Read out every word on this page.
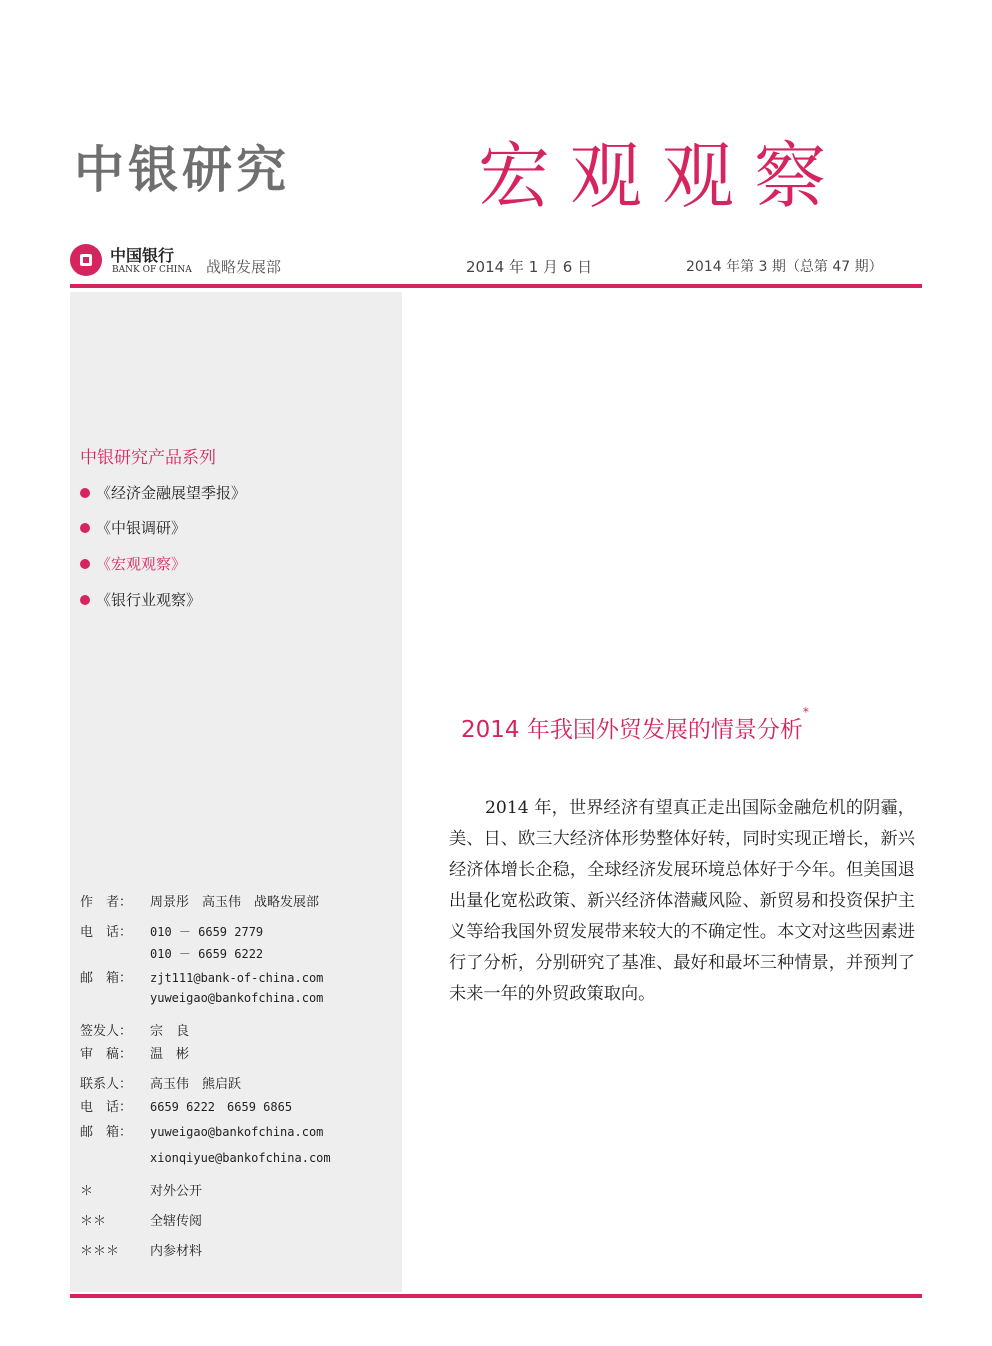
中银研究	宏观观察
中国银行
BANK OF CHINA 战略发展部	2014 年 1 月 6 日	2014 年第 3 期（总第 47 期）
中银研究产品系列
《经济金融展望季报》
《中银调研》
《宏观观察》
《银行业观察》
作　者： 周景彤　高玉伟　战略发展部
电　话： 010 － 6659 2779
010 － 6659 6222
邮　箱： zjt111@bank-of-china.com
yuweigao@bankofchina.com
签发人： 宗　良
审　稿： 温　彬
联系人： 高玉伟　熊启跃
电　话： 6659 6222　6659 6865
邮　箱： yuweigao@bankofchina.com
xionqiyue@bankofchina.com
＊	对外公开
＊＊	全辖传阅
＊＊＊ 内参材料
2014 年我国外贸发展的情景分析*
2014 年，世界经济有望真正走出国际金融危机的阴霾，美、日、欧三大经济体形势整体好转，同时实现正增长，新兴经济体增长企稳，全球经济发展环境总体好于今年。但美国退出量化宽松政策、新兴经济体潜藏风险、新贸易和投资保护主义等给我国外贸发展带来较大的不确定性。本文对这些因素进行了分析，分别研究了基准、最好和最坏三种情景，并预判了未来一年的外贸政策取向。
